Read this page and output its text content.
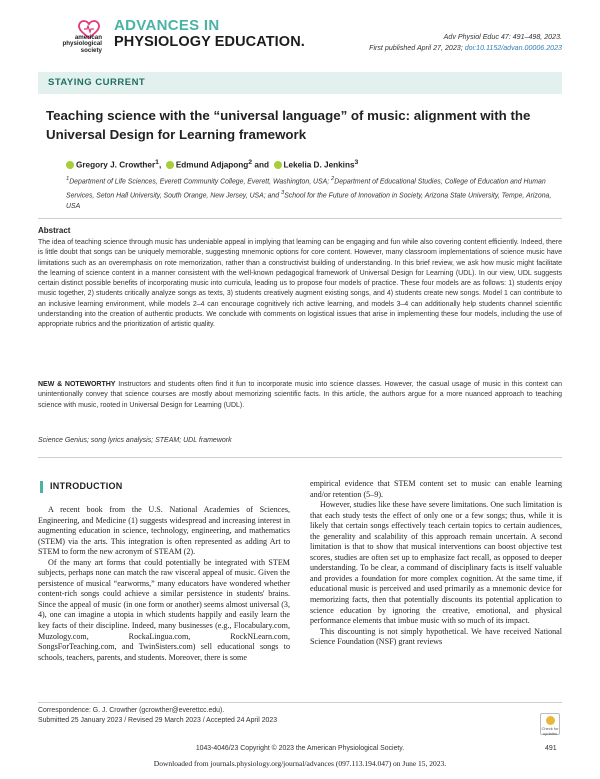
american
physiological
society
ADVANCES IN
PHYSIOLOGY EDUCATION.	Adv Physiol Educ 47: 491–498, 2023.
First published April 27, 2023; doi:10.1152/advan.00006.2023
STAYING CURRENT
Teaching science with the “universal language” of music: alignment with the Universal Design for Learning framework
Gregory J. Crowther$^1$, Edmund Adjapong$^2$ and Lekelia D. Jenkins$^3$
$^1$Department of Life Sciences, Everett Community College, Everett, Washington, USA; $^2$Department of Educational Studies, College of Education and Human Services, Seton Hall University, South Orange, New Jersey, USA; and $^3$School for the Future of Innovation in Society, Arizona State University, Tempe, Arizona, USA
Abstract
The idea of teaching science through music has undeniable appeal in implying that learning can be engaging and fun while also covering content efficiently. Indeed, there is little doubt that songs can be uniquely memorable, suggesting mnemonic options for core content. However, many classroom implementations of science music have limitations such as an overemphasis on rote memorization, rather than a constructivist building of understanding. In this brief review, we ask how music might facilitate the learning of science content in a manner consistent with the well-known pedagogical framework of Universal Design for Learning (UDL). In our view, UDL suggests certain distinct possible benefits of incorporating music into curricula, leading us to propose four models of practice. These four models are as follows: 1) students enjoy music together, 2) students critically analyze songs as texts, 3) students creatively augment existing songs, and 4) students create new songs. Model 1 can contribute to an inclusive learning environment, while models 2–4 can encourage cognitively rich active learning, and models 3–4 can additionally help students channel scientific understanding into the creation of authentic products. We conclude with comments on logistical issues that arise in implementing these four models, including the use of appropriate rubrics and the prioritization of artistic quality.
NEW & NOTEWORTHY Instructors and students often find it fun to incorporate music into science classes. However, the casual usage of music in this context can unintentionally convey that science courses are mostly about memorizing scientific facts. In this article, the authors argue for a more nuanced approach to teaching science with music, rooted in Universal Design for Learning (UDL).
Science Genius; song lyrics analysis; STEAM; UDL framework
INTRODUCTION

A recent book from the U.S. National Academies of Sciences, Engineering, and Medicine (1) suggests widespread and increasing interest in augmenting education in science, technology, engineering, and mathematics (STEM) via the arts. This integration is often represented as adding Art to STEM to form the new acronym of STEAM (2).

Of the many art forms that could potentially be integrated with STEM subjects, perhaps none can match the raw visceral appeal of music. Given the persistence of musical “earworms,” many educators have wondered whether content-rich songs could achieve a similar persistence in students' brains. Since the appeal of music (in one form or another) seems almost universal (3, 4), one can imagine a utopia in which students happily and easily learn the key facts of their discipline. Indeed, many businesses (e.g., Flocabulary.com, Muzology.com, RockaLingua.com, RockNLearn.com, SongsForTeaching.com, and TwinSisters.com) sell educational songs to schools, teachers, parents, and students. Moreover, there is some

empirical evidence that STEM content set to music can enable learning and/or retention (5–9).

However, studies like these have severe limitations. One such limitation is that each study tests the effect of only one or a few songs; thus, while it is likely that certain songs effectively teach certain topics to certain audiences, the generality and scalability of this approach remain uncertain. A second limitation is that to show that musical interventions can boost objective test scores, studies are often set up to emphasize fact recall, as opposed to deeper understanding. To be clear, a command of disciplinary facts is itself valuable and provides a foundation for more complex cognition. At the same time, if educational music is perceived and used primarily as a mnemonic device for memorizing facts, then that potentially discounts its potential application to science education by ignoring the creative, emotional, and physical performance elements that imbue music with so much of its impact.

This discounting is not simply hypothetical. We have received National Science Foundation (NSF) grant reviews

Correspondence: G. J. Crowther (gcrowther@everettcc.edu).
Submitted 25 January 2023 / Revised 29 March 2023 / Accepted 24 April 2023
Check for updates
1043-4046/23 Copyright © 2023 the American Physiological Society.	491
Downloaded from journals.physiology.org/journal/advances (097.113.194.047) on June 15, 2023.
